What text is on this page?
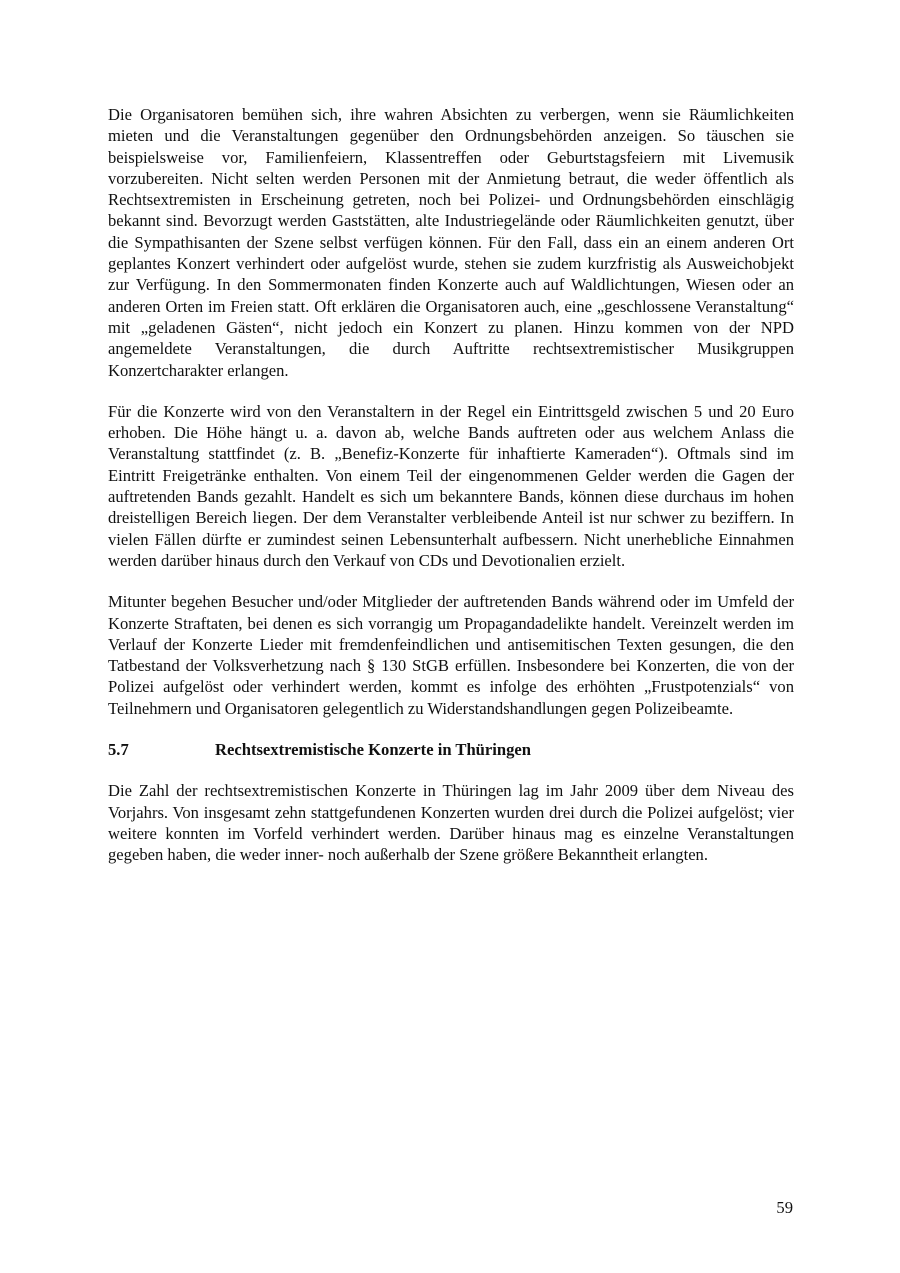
Die Organisatoren bemühen sich, ihre wahren Absichten zu verbergen, wenn sie Räumlichkeiten mieten und die Veranstaltungen gegenüber den Ordnungsbehörden anzeigen. So täuschen sie beispielsweise vor, Familienfeiern, Klassentreffen oder Geburtstagsfeiern mit Livemusik vorzubereiten. Nicht selten werden Personen mit der Anmietung betraut, die weder öffentlich als Rechtsextremisten in Erscheinung getreten, noch bei Polizei- und Ordnungsbehörden einschlägig bekannt sind. Bevorzugt werden Gaststätten, alte Industriegelände oder Räumlichkeiten genutzt, über die Sympathisanten der Szene selbst verfügen können. Für den Fall, dass ein an einem anderen Ort geplantes Konzert verhindert oder aufgelöst wurde, stehen sie zudem kurzfristig als Ausweichobjekt zur Verfügung. In den Sommermonaten finden Konzerte auch auf Waldlichtungen, Wiesen oder an anderen Orten im Freien statt. Oft erklären die Organisatoren auch, eine „geschlossene Veranstaltung“ mit „geladenen Gästen“, nicht jedoch ein Konzert zu planen. Hinzu kommen von der NPD angemeldete Veranstaltungen, die durch Auftritte rechtsextremistischer Musikgruppen Konzertcharakter erlangen.

Für die Konzerte wird von den Veranstaltern in der Regel ein Eintrittsgeld zwischen 5 und 20 Euro erhoben. Die Höhe hängt u. a. davon ab, welche Bands auftreten oder aus welchem Anlass die Veranstaltung stattfindet (z. B. „Benefiz-Konzerte für inhaftierte Kameraden“). Oftmals sind im Eintritt Freigetränke enthalten. Von einem Teil der eingenommenen Gelder werden die Gagen der auftretenden Bands gezahlt. Handelt es sich um bekanntere Bands, können diese durchaus im hohen dreistelligen Bereich liegen. Der dem Veranstalter verbleibende Anteil ist nur schwer zu beziffern. In vielen Fällen dürfte er zumindest seinen Lebensunterhalt aufbessern. Nicht unerhebliche Einnahmen werden darüber hinaus durch den Verkauf von CDs und Devotionalien erzielt.

Mitunter begehen Besucher und/oder Mitglieder der auftretenden Bands während oder im Umfeld der Konzerte Straftaten, bei denen es sich vorrangig um Propagandadelikte handelt. Vereinzelt werden im Verlauf der Konzerte Lieder mit fremdenfeindlichen und antisemitischen Texten gesungen, die den Tatbestand der Volksverhetzung nach § 130 StGB erfüllen. Insbesondere bei Konzerten, die von der Polizei aufgelöst oder verhindert werden, kommt es infolge des erhöhten „Frustpotenzials“ von Teilnehmern und Organisatoren gelegentlich zu Widerstandshandlungen gegen Polizeibeamte.

5.7	Rechtsextremistische Konzerte in Thüringen

Die Zahl der rechtsextremistischen Konzerte in Thüringen lag im Jahr 2009 über dem Niveau des Vorjahrs. Von insgesamt zehn stattgefundenen Konzerten wurden drei durch die Polizei aufgelöst; vier weitere konnten im Vorfeld verhindert werden. Darüber hinaus mag es einzelne Veranstaltungen gegeben haben, die weder inner- noch außerhalb der Szene größere Bekanntheit erlangten.

59
